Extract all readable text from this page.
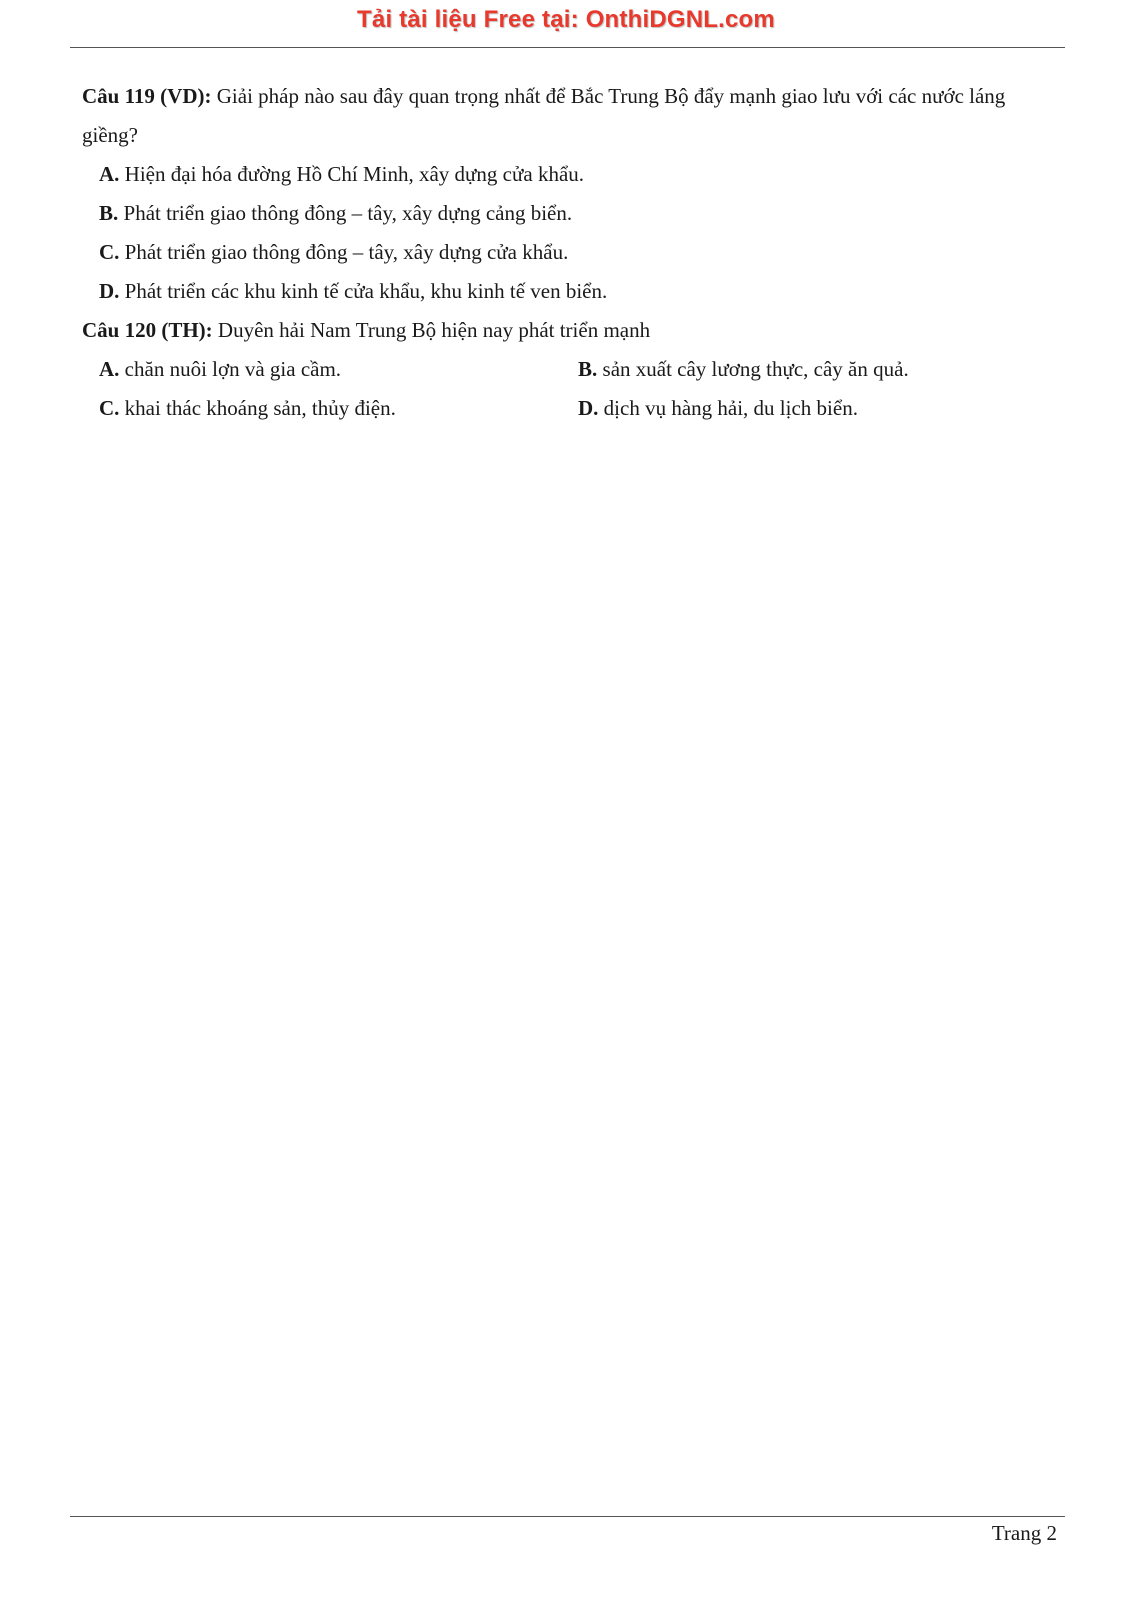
Tải tài liệu Free tại: OnthiDGNL.com

Câu 119 (VD): Giải pháp nào sau đây quan trọng nhất để Bắc Trung Bộ đẩy mạnh giao lưu với các nước láng giềng?

A. Hiện đại hóa đường Hồ Chí Minh, xây dựng cửa khẩu.

B. Phát triển giao thông đông – tây, xây dựng cảng biển.

C. Phát triển giao thông đông – tây, xây dựng cửa khẩu.

D. Phát triển các khu kinh tế cửa khẩu, khu kinh tế ven biển.

Câu 120 (TH): Duyên hải Nam Trung Bộ hiện nay phát triển mạnh

A. chăn nuôi lợn và gia cầm.	B. sản xuất cây lương thực, cây ăn quả.
C. khai thác khoáng sản, thủy điện.	D. dịch vụ hàng hải, du lịch biển.
Trang 2
